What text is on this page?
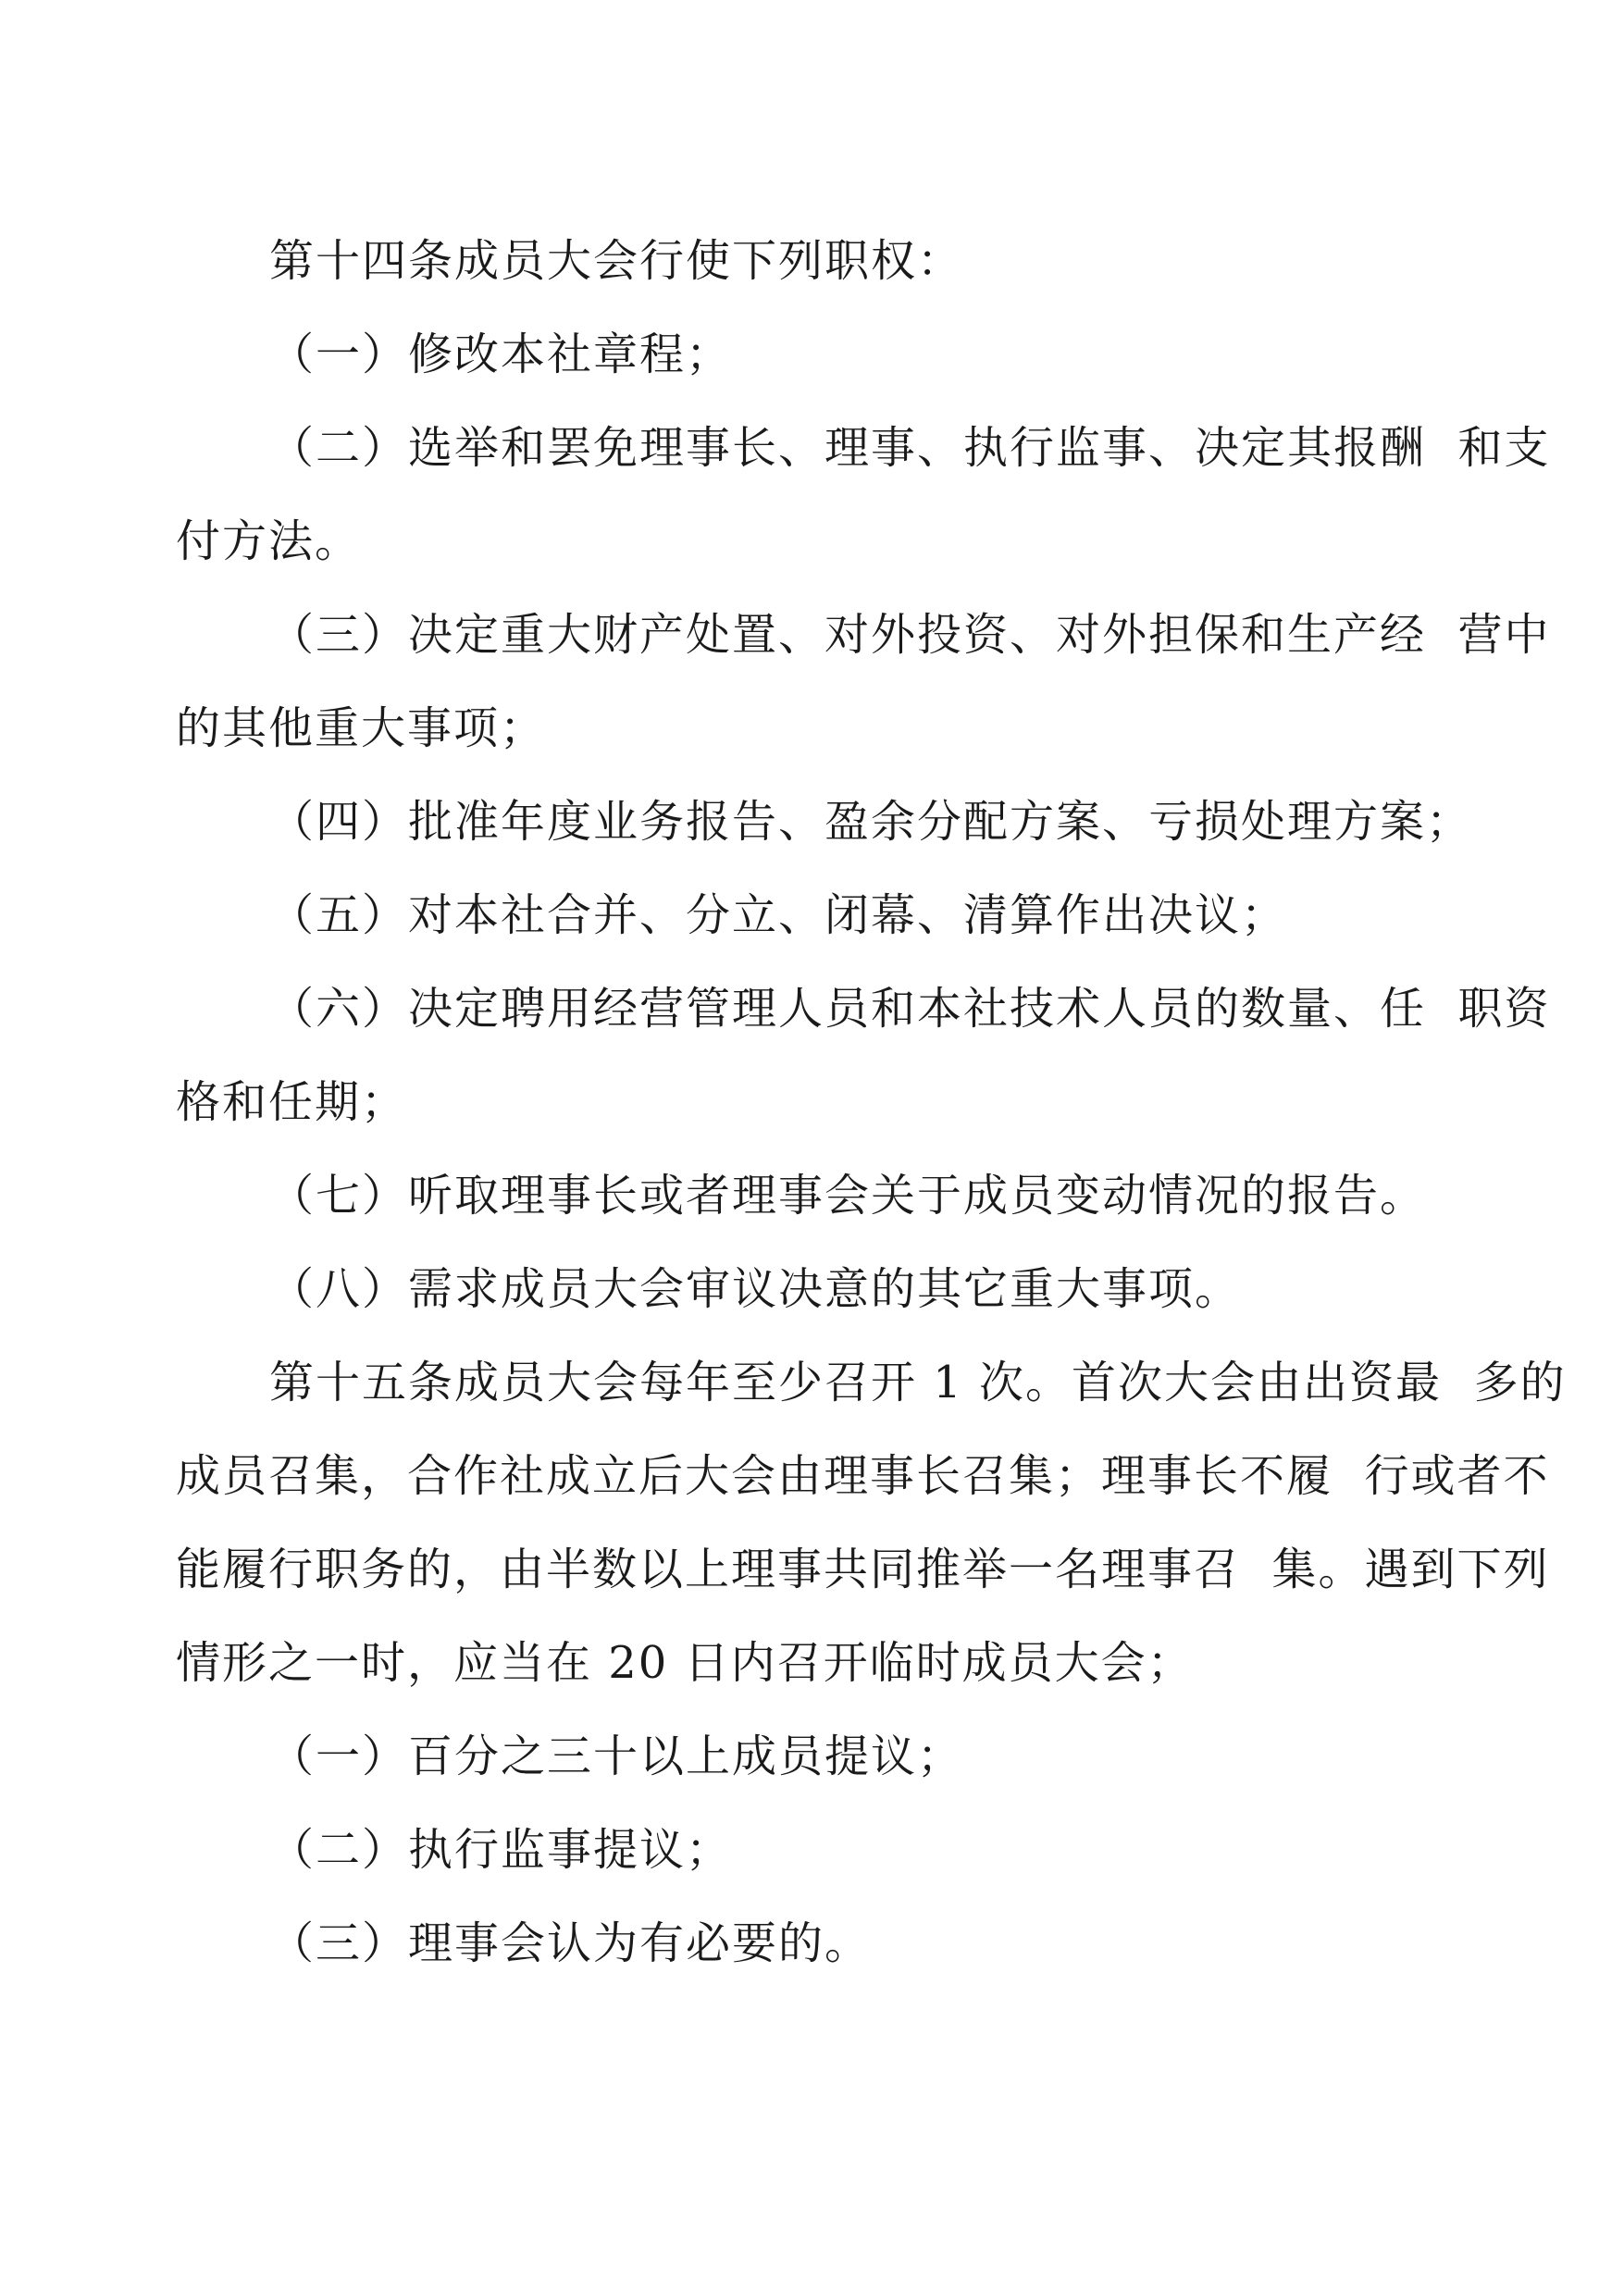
第十四条成员大会行使下列职权：
（一）修改本社章程；
（二）选举和罢免理事长、理事、执行监事、决定其报酬  和支
付方法。
（三）决定重大财产处置、对外投资、对外担保和生产经  营中
的其他重大事项；
（四）批准年度业务报告、盈余分配方案、亏损处理方案；
（五）对本社合并、分立、闭幕、清算作出决议；
（六）决定聘用经营管理人员和本社技术人员的数量、任  职资
格和任期；
（七）听取理事长或者理事会关于成员变动情况的报告。
（八）需求成员大会审议决意的其它重大事项。
第十五条成员大会每年至少召开 1 次。首次大会由出资最  多的
成员召集，合作社成立后大会由理事长召集；理事长不履  行或者不
能履行职务的，由半数以上理事共同推举一名理事召  集。遇到下列
情形之一时，应当在 20 日内召开临时成员大会；
（一）百分之三十以上成员提议；
（二）执行监事提议；
（三）理事会认为有必要的。
